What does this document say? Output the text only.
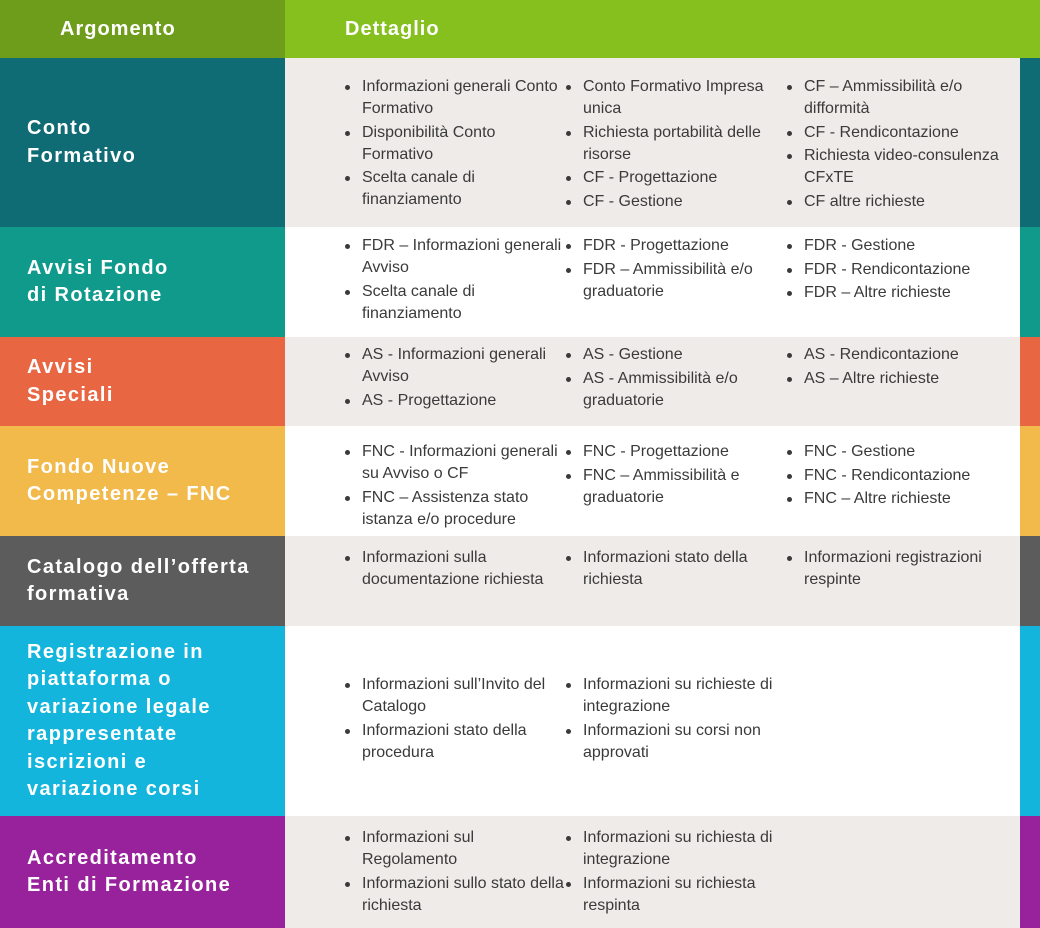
Argomento	Dettaglio
Conto
Formativo
Informazioni generali Conto Formativo
Disponibilità Conto Formativo
Scelta canale di finanziamento
Conto Formativo Impresa unica
Richiesta portabilità delle risorse
CF - Progettazione
CF - Gestione
CF – Ammissibilità e/o difformità
CF - Rendicontazione
Richiesta video-consulenza CFxTE
CF altre richieste
Avvisi Fondo
di Rotazione
FDR – Informazioni generali Avviso
Scelta canale di finanziamento
FDR - Progettazione
FDR – Ammissibilità e/o graduatorie
FDR - Gestione
FDR - Rendicontazione
FDR – Altre richieste
Avvisi
Speciali
AS - Informazioni generali Avviso
AS - Progettazione
AS - Gestione
AS - Ammissibilità e/o graduatorie
AS - Rendicontazione
AS – Altre richieste
Fondo Nuove
Competenze – FNC
FNC - Informazioni generali su Avviso o CF
FNC – Assistenza stato istanza e/o procedure
FNC - Progettazione
FNC – Ammissibilità e graduatorie
FNC - Gestione
FNC - Rendicontazione
FNC – Altre richieste
Catalogo dell’offerta
formativa
Informazioni sulla documentazione richiesta
Informazioni stato della richiesta
Informazioni registrazioni respinte
Registrazione in
piattaforma o
variazione legale
rappresentate
iscrizioni e
variazione corsi
Informazioni sull’Invito del Catalogo
Informazioni stato della procedura
Informazioni su richieste di integrazione
Informazioni su corsi non approvati
Accreditamento
Enti di Formazione
Informazioni sul Regolamento
Informazioni sullo stato della richiesta
Informazioni su richiesta di integrazione
Informazioni su richiesta respinta
